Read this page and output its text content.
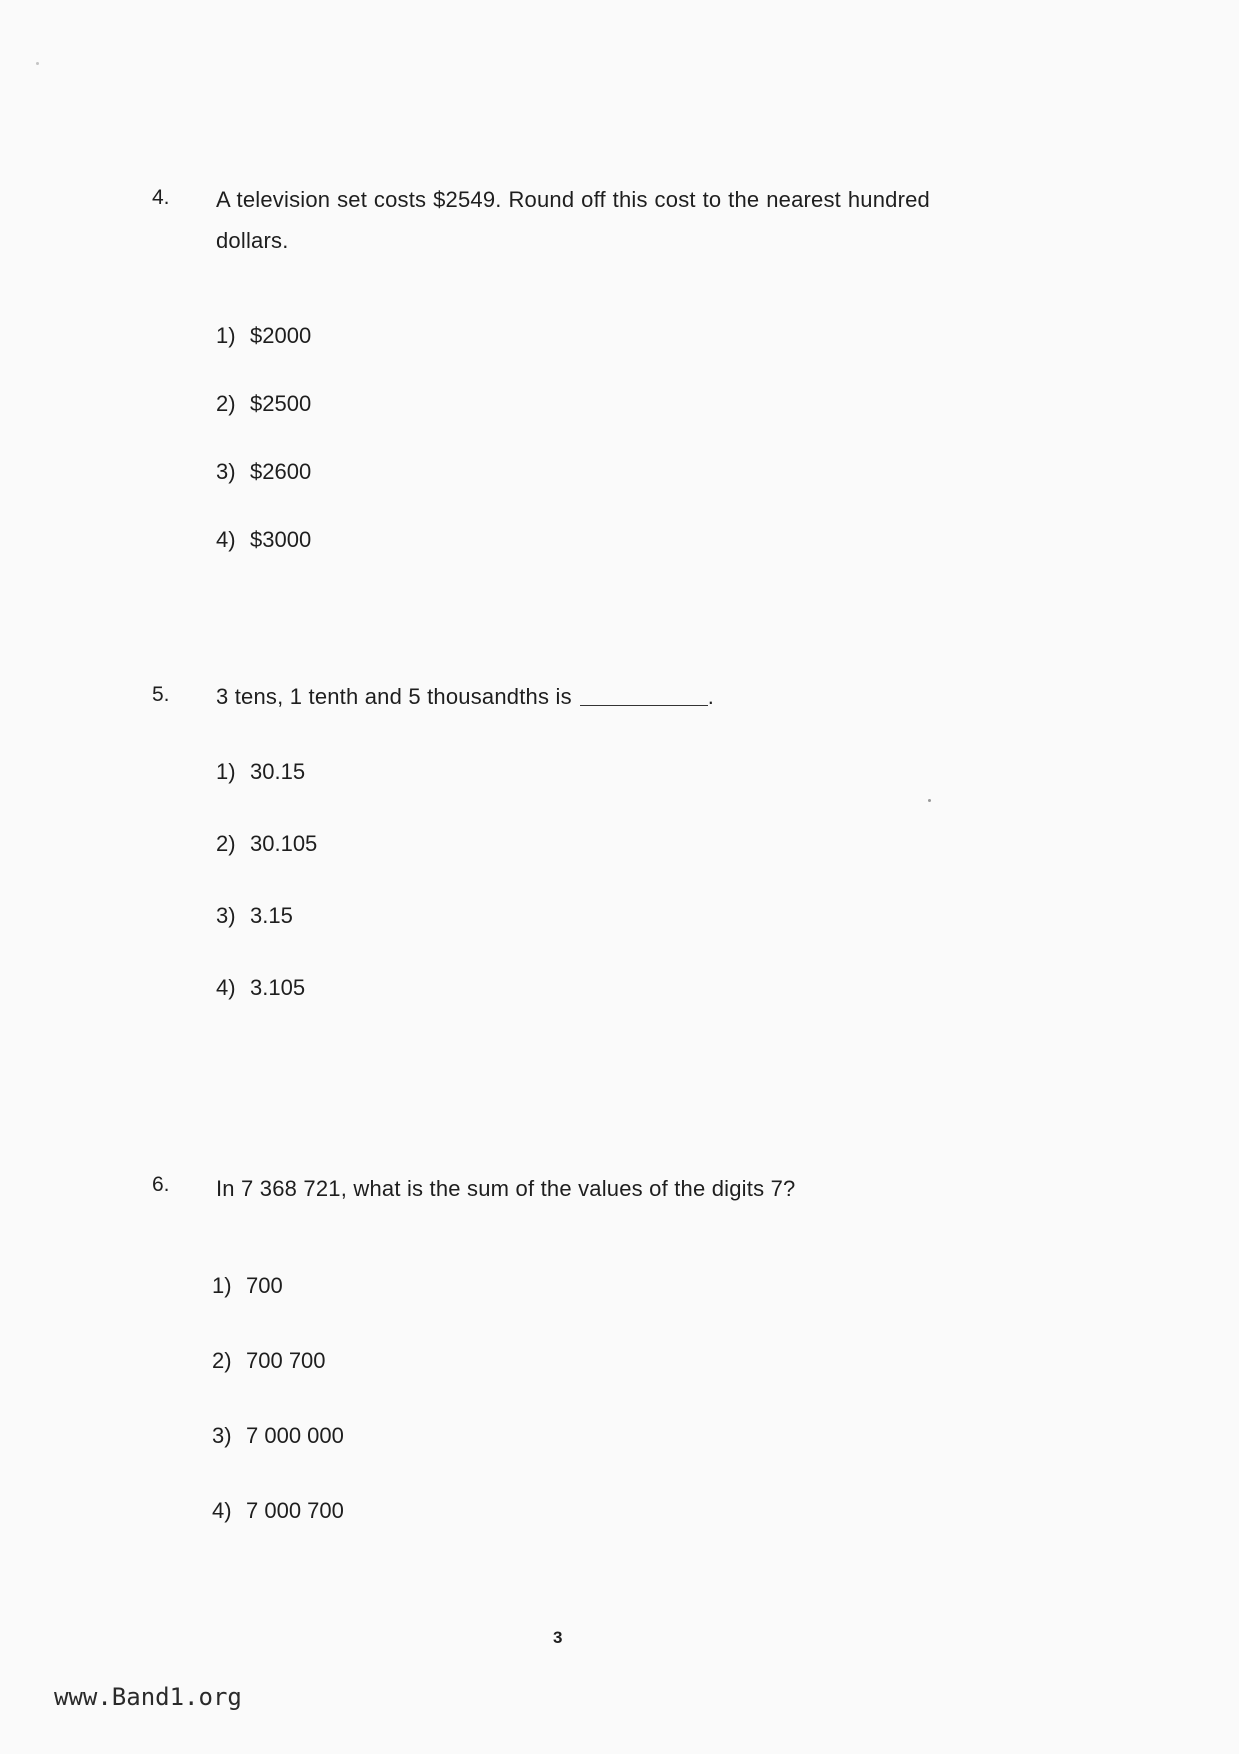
4. A television set costs $2549. Round off this cost to the nearest hundred dollars.
1) $2000
2) $2500
3) $2600
4) $3000
5. 3 tens, 1 tenth and 5 thousandths is	.
1) 30.15
2) 30.105
3) 3.15
4) 3.105
6. In 7 368 721, what is the sum of the values of the digits 7?
1) 700
2) 700 700
3) 7 000 000
4) 7 000 700
3
www.Band1.org
